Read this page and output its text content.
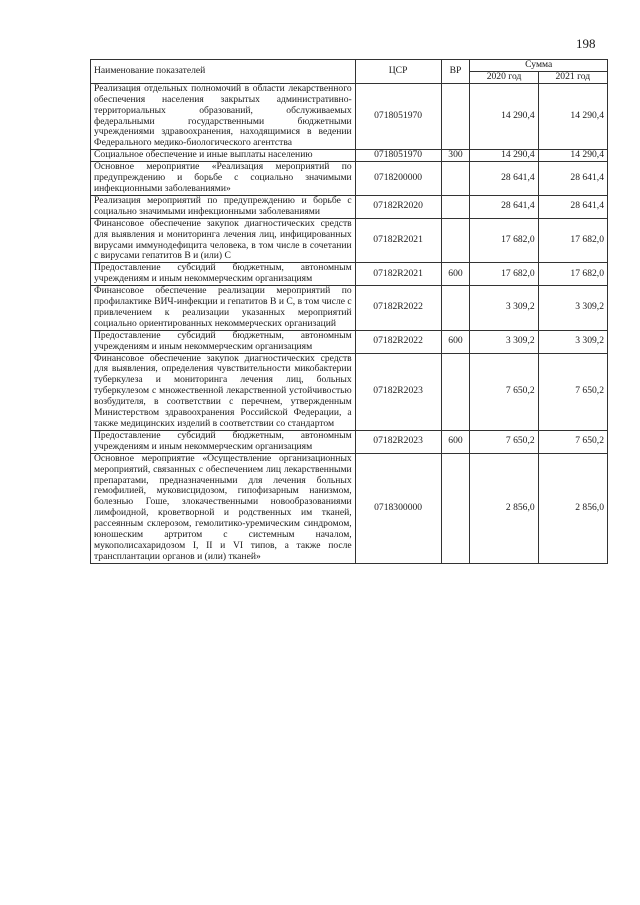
198
Наименование показателей	ЦСР	ВР	Сумма	
			2020 год	2021 год
Реализация отдельных полномочий в области лекарственного обеспечения населения закрытых административно-территориальных образований, обслуживаемых федеральными государственными бюджетными учреждениями здравоохранения, находящимися в ведении Федерального медико-биологического агентства	0718051970		14 290,4	14 290,4
Социальное обеспечение и иные выплаты населению	0718051970	300	14 290,4	14 290,4
Основное мероприятие «Реализация мероприятий по предупреждению и борьбе с социально значимыми инфекционными заболеваниями»	0718200000		28 641,4	28 641,4
Реализация мероприятий по предупреждению и борьбе с социально значимыми инфекционными заболеваниями	07182R2020		28 641,4	28 641,4
Финансовое обеспечение закупок диагностических средств для выявления и мониторинга лечения лиц, инфицированных вирусами иммунодефицита человека, в том числе в сочетании с вирусами гепатитов B и (или) C	07182R2021		17 682,0	17 682,0
Предоставление субсидий бюджетным, автономным учреждениям и иным некоммерческим организациям	07182R2021	600	17 682,0	17 682,0
Финансовое обеспечение реализации мероприятий по профилактике ВИЧ-инфекции и гепатитов B и C, в том числе с привлечением к реализации указанных мероприятий социально ориентированных некоммерческих организаций	07182R2022		3 309,2	3 309,2
Предоставление субсидий бюджетным, автономным учреждениям и иным некоммерческим организациям	07182R2022	600	3 309,2	3 309,2
Финансовое обеспечение закупок диагностических средств для выявления, определения чувствительности микобактерии туберкулеза и мониторинга лечения лиц, больных туберкулезом с множественной лекарственной устойчивостью возбудителя, в соответствии с перечнем, утвержденным Министерством здравоохранения Российской Федерации, а также медицинских изделий в соответствии со стандартом	07182R2023		7 650,2	7 650,2
Предоставление субсидий бюджетным, автономным учреждениям и иным некоммерческим организациям	07182R2023	600	7 650,2	7 650,2
Основное мероприятие «Осуществление организационных мероприятий, связанных с обеспечением лиц лекарственными препаратами, предназначенными для лечения больных гемофилией, муковисцидозом, гипофизарным нанизмом, болезнью Гоше, злокачественными новообразованиями лимфоидной, кроветворной и родственных им тканей, рассеянным склерозом, гемолитико-уремическим синдромом, юношеским артритом с системным началом, мукополисахаридозом I, II и VI типов, а также после трансплантации органов и (или) тканей»	0718300000		2 856,0	2 856,0
